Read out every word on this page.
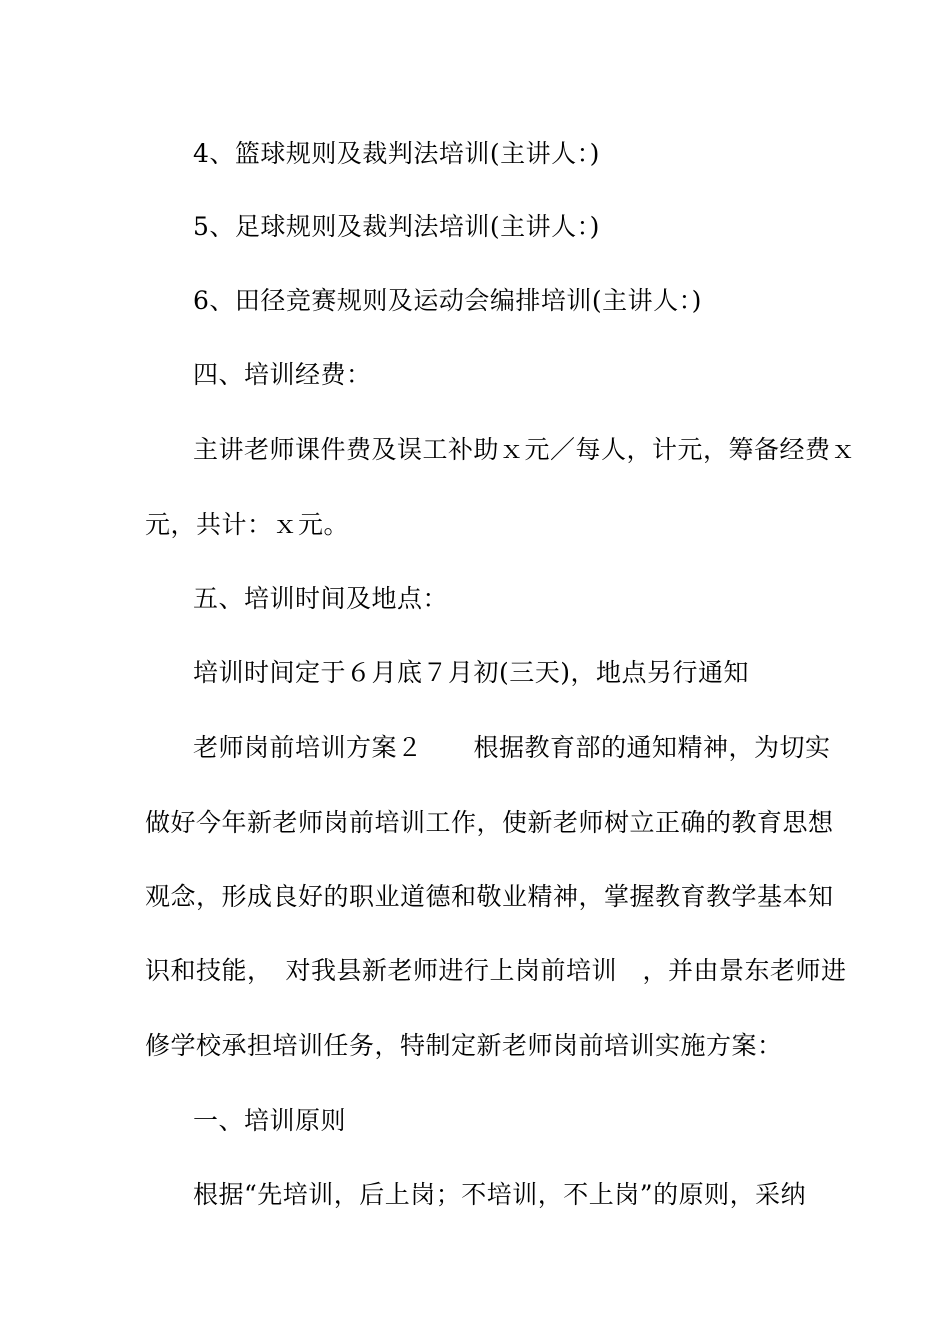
4、篮球规则及裁判法培训(主讲人：)
5、足球规则及裁判法培训(主讲人：)
6、田径竞赛规则及运动会编排培训(主讲人：)
四、培训经费：
主讲老师课件费及误工补助ｘ元／每人，计元，筹备经费ｘ
元，共计：ｘ元。
五、培训时间及地点：
培训时间定于６月底７月初(三天)，地点另行通知
老师岗前培训方案２　　根据教育部的通知精神，为切实
做好今年新老师岗前培训工作，使新老师树立正确的教育思想
观念，形成良好的职业道德和敬业精神，掌握教育教学基本知
识和技能，　对我县新老师进行上岗前培训　，并由景东老师进
修学校承担培训任务，特制定新老师岗前培训实施方案：
一、培训原则
根据“先培训，后上岗；不培训，不上岗”的原则，采纳
